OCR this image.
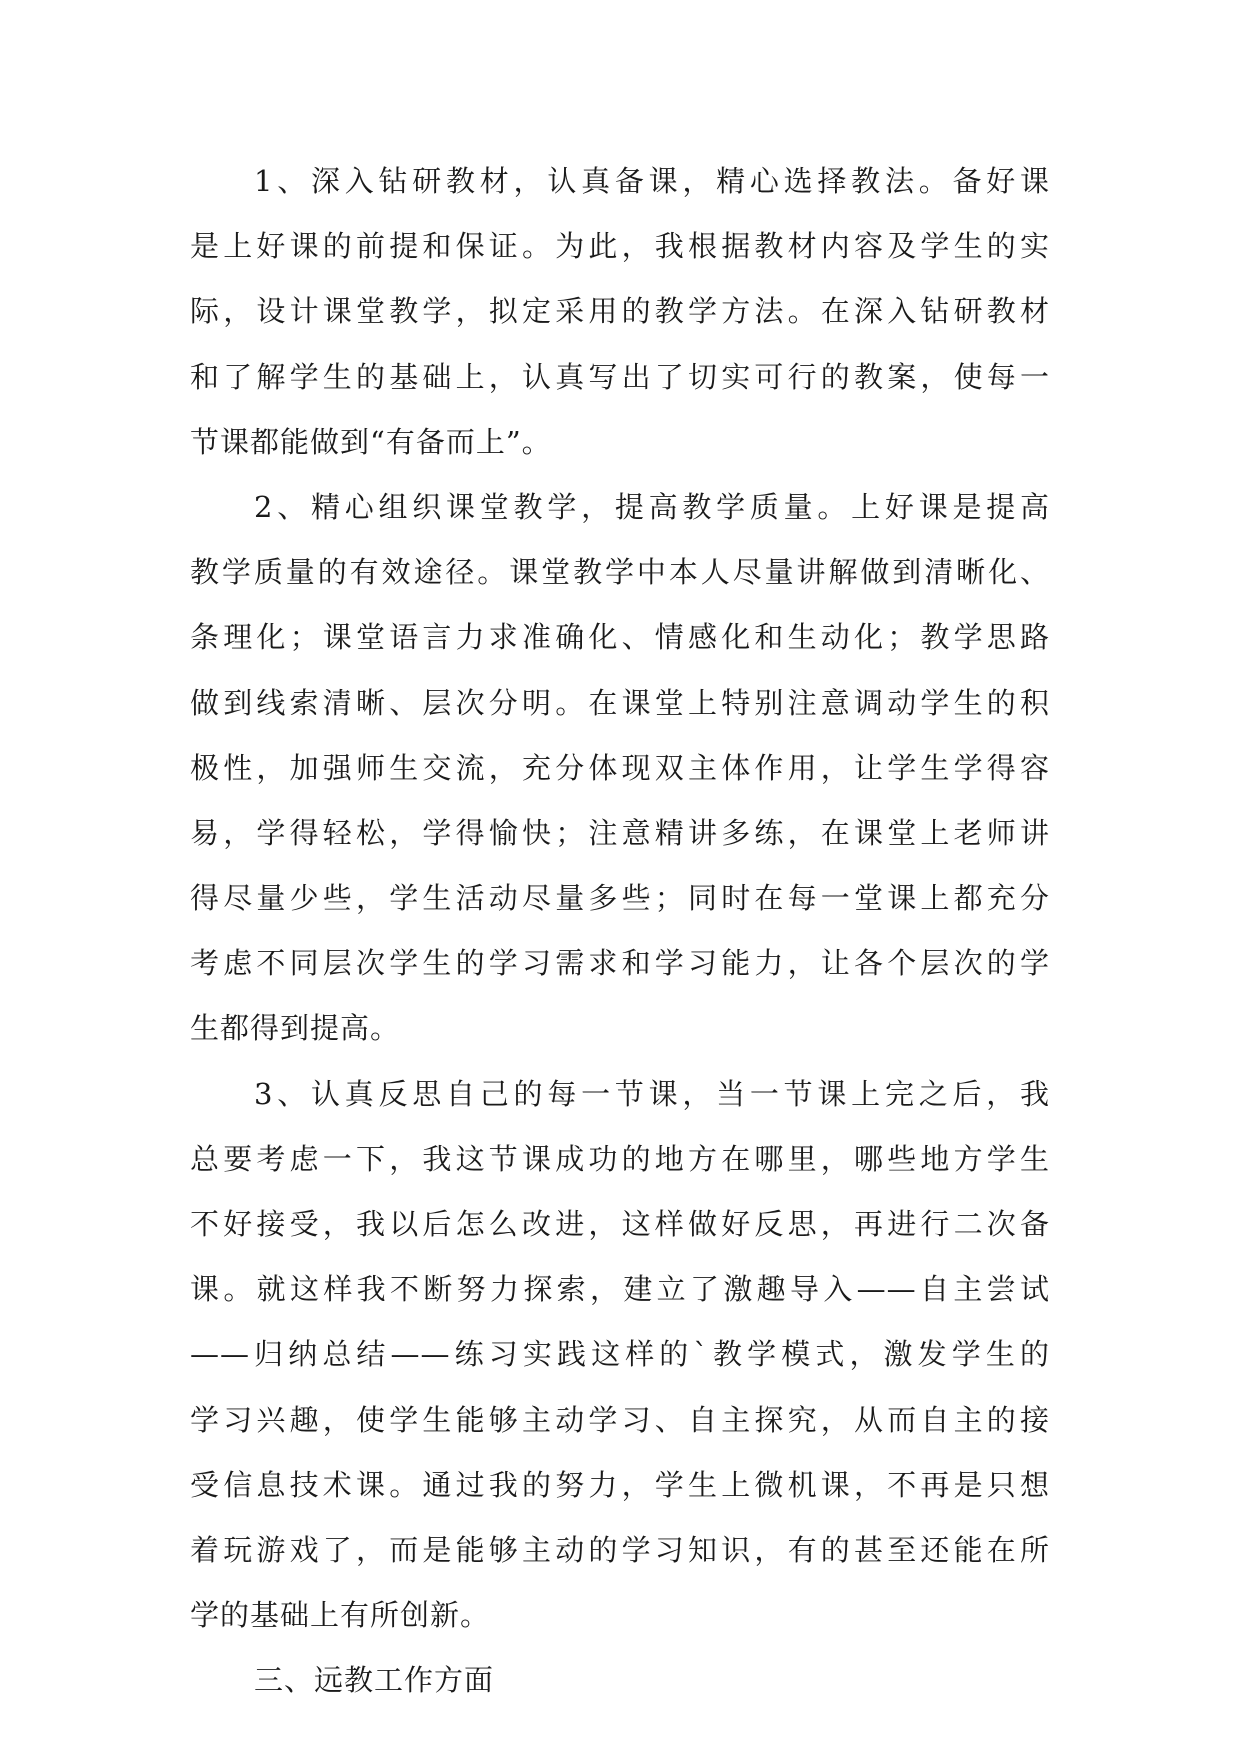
1、深入钻研教材，认真备课，精心选择教法。备好课
是上好课的前提和保证。为此，我根据教材内容及学生的实
际，设计课堂教学，拟定采用的教学方法。在深入钻研教材
和了解学生的基础上，认真写出了切实可行的教案，使每一
节课都能做到“有备而上”。
2、精心组织课堂教学，提高教学质量。上好课是提高
教学质量的有效途径。课堂教学中本人尽量讲解做到清晰化、
条理化；课堂语言力求准确化、情感化和生动化；教学思路
做到线索清晰、层次分明。在课堂上特别注意调动学生的积
极性，加强师生交流，充分体现双主体作用，让学生学得容
易，学得轻松，学得愉快；注意精讲多练，在课堂上老师讲
得尽量少些，学生活动尽量多些；同时在每一堂课上都充分
考虑不同层次学生的学习需求和学习能力，让各个层次的学
生都得到提高。
3、认真反思自己的每一节课，当一节课上完之后，我
总要考虑一下，我这节课成功的地方在哪里，哪些地方学生
不好接受，我以后怎么改进，这样做好反思，再进行二次备
课。就这样我不断努力探索，建立了激趣导入——自主尝试
——归纳总结——练习实践这样的`教学模式，激发学生的
学习兴趣，使学生能够主动学习、自主探究，从而自主的接
受信息技术课。通过我的努力，学生上微机课，不再是只想
着玩游戏了，而是能够主动的学习知识，有的甚至还能在所
学的基础上有所创新。
三、远教工作方面
